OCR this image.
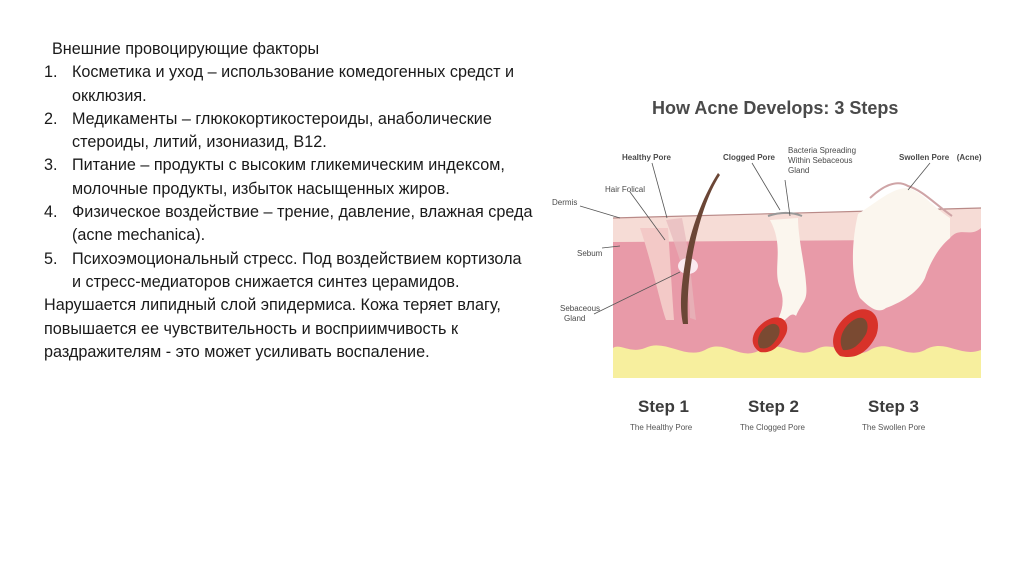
Внешние провоцирующие факторы
1. Косметика и уход – использование комедогенных средст и окклюзия.
2. Медикаменты – глюкокортикостероиды, анаболические стероиды, литий, изониазид, В12.
3. Питание – продукты с высоким гликемическим индексом, молочные продукты, избыток насыщенных жиров.
4. Физическое воздействие – трение, давление, влажная среда (acne mechanica).
5. Психоэмоциональный стресс. Под воздействием кортизола и стресс-медиаторов снижается синтез церамидов.
Нарушается липидный слой эпидермиса. Кожа теряет влагу, повышается ее чувствительность и восприимчивость к раздражителям - это может усиливать воспаление.
How Acne Develops: 3 Steps
Healthy Pore	Clogged Pore
Bacteria Spreading
Within Sebaceous
Gland
Swollen Pore (Acne)
Hair Folical
Dermis
Sebum
Sebaceous
Gland
Step 1
The Healthy Pore
Step 2
The Clogged Pore
Step 3
The Swollen Pore
